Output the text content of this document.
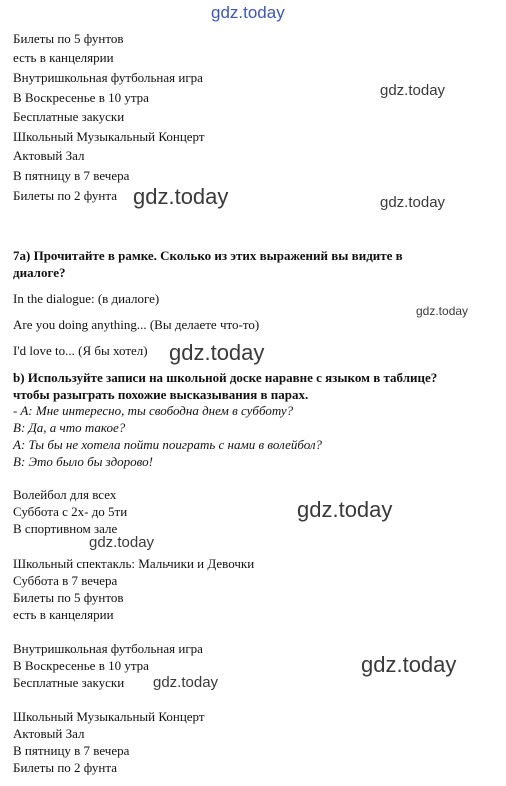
gdz.today
gdz.today
gdz.today	gdz.today
gdz.today
gdz.today
gdz.today
gdz.today
gdz.today
gdz.today
Билеты по 5 фунтов
есть в канцелярии
Внутришкольная футбольная игра
В Воскресенье в 10 утра
Бесплатные закуски
Школьный Музыкальный Концерт
Актовый Зал
В пятницу в 7 вечера
Билеты по 2 фунта
7а) Прочитайте в рамке. Сколько из этих выражений вы видите в
диалоге?
In the dialogue: (в диалоге)
Are you doing anything... (Вы делаете что-то)
I'd love to... (Я бы хотел)
b) Используйте записи на школьной доске наравне с языком в таблице?
чтобы разыграть похожие высказывания в парах.
- A: Мне интересно, ты свободна днем в субботу?
B: Да, а что такое?
A: Ты бы не хотела пойти поиграть с нами в волейбол?
B: Это было бы здорово!
Волейбол для всех
Суббота с 2х- до 5ти
В спортивном зале
Школьный спектакль: Мальчики и Девочки
Суббота в 7 вечера
Билеты по 5 фунтов
есть в канцелярии
Внутришкольная футбольная игра
В Воскресенье в 10 утра
Бесплатные закуски
Школьный Музыкальный Концерт
Актовый Зал
В пятницу в 7 вечера
Билеты по 2 фунта
